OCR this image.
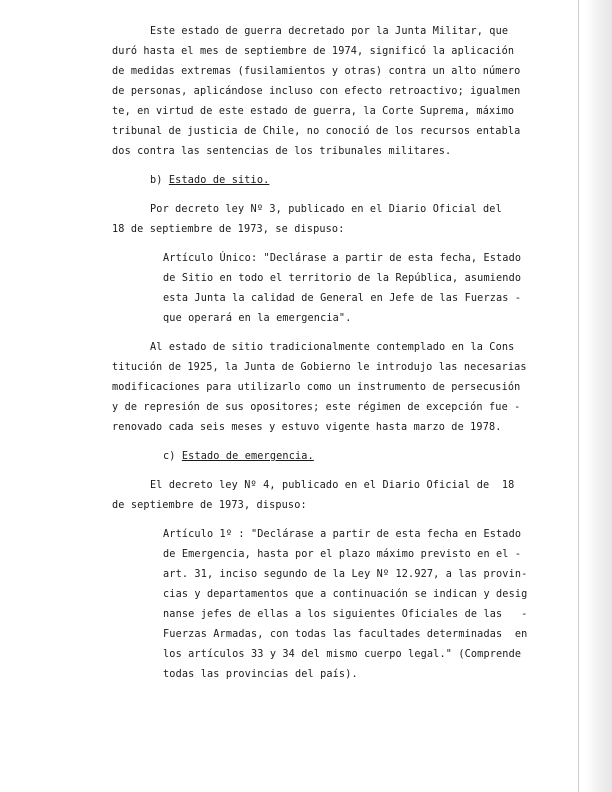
Este estado de guerra decretado por la Junta Militar, que
duró hasta el mes de septiembre de 1974, significó la aplicación
de medidas extremas (fusilamientos y otras) contra un alto número
de personas, aplicándose incluso con efecto retroactivo; igualmen
te, en virtud de este estado de guerra, la Corte Suprema, máximo
tribunal de justicia de Chile, no conoció de los recursos entabla
dos contra las sentencias de los tribunales militares.
b) Estado de sitio.
Por decreto ley Nº 3, publicado en el Diario Oficial del
18 de septiembre de 1973, se dispuso:
Artículo Único: "Declárase a partir de esta fecha, Estado
de Sitio en todo el territorio de la República, asumiendo
esta Junta la calidad de General en Jefe de las Fuerzas -
que operará en la emergencia".
Al estado de sitio tradicionalmente contemplado en la Cons
titución de 1925, la Junta de Gobierno le introdujo las necesarias
modificaciones para utilizarlo como un instrumento de persecusión
y de represión de sus opositores; este régimen de excepción fue -
renovado cada seis meses y estuvo vigente hasta marzo de 1978.
c) Estado de emergencia.
El decreto ley Nº 4, publicado en el Diario Oficial de  18
de septiembre de 1973, dispuso:
Artículo 1º : "Declárase a partir de esta fecha en Estado
de Emergencia, hasta por el plazo máximo previsto en el -
art. 31, inciso segundo de la Ley Nº 12.927, a las provin-
cias y departamentos que a continuación se indican y desig
nanse jefes de ellas a los siguientes Oficiales de las   -
Fuerzas Armadas, con todas las facultades determinadas  en
los artículos 33 y 34 del mismo cuerpo legal." (Comprende
todas las provincias del país).
